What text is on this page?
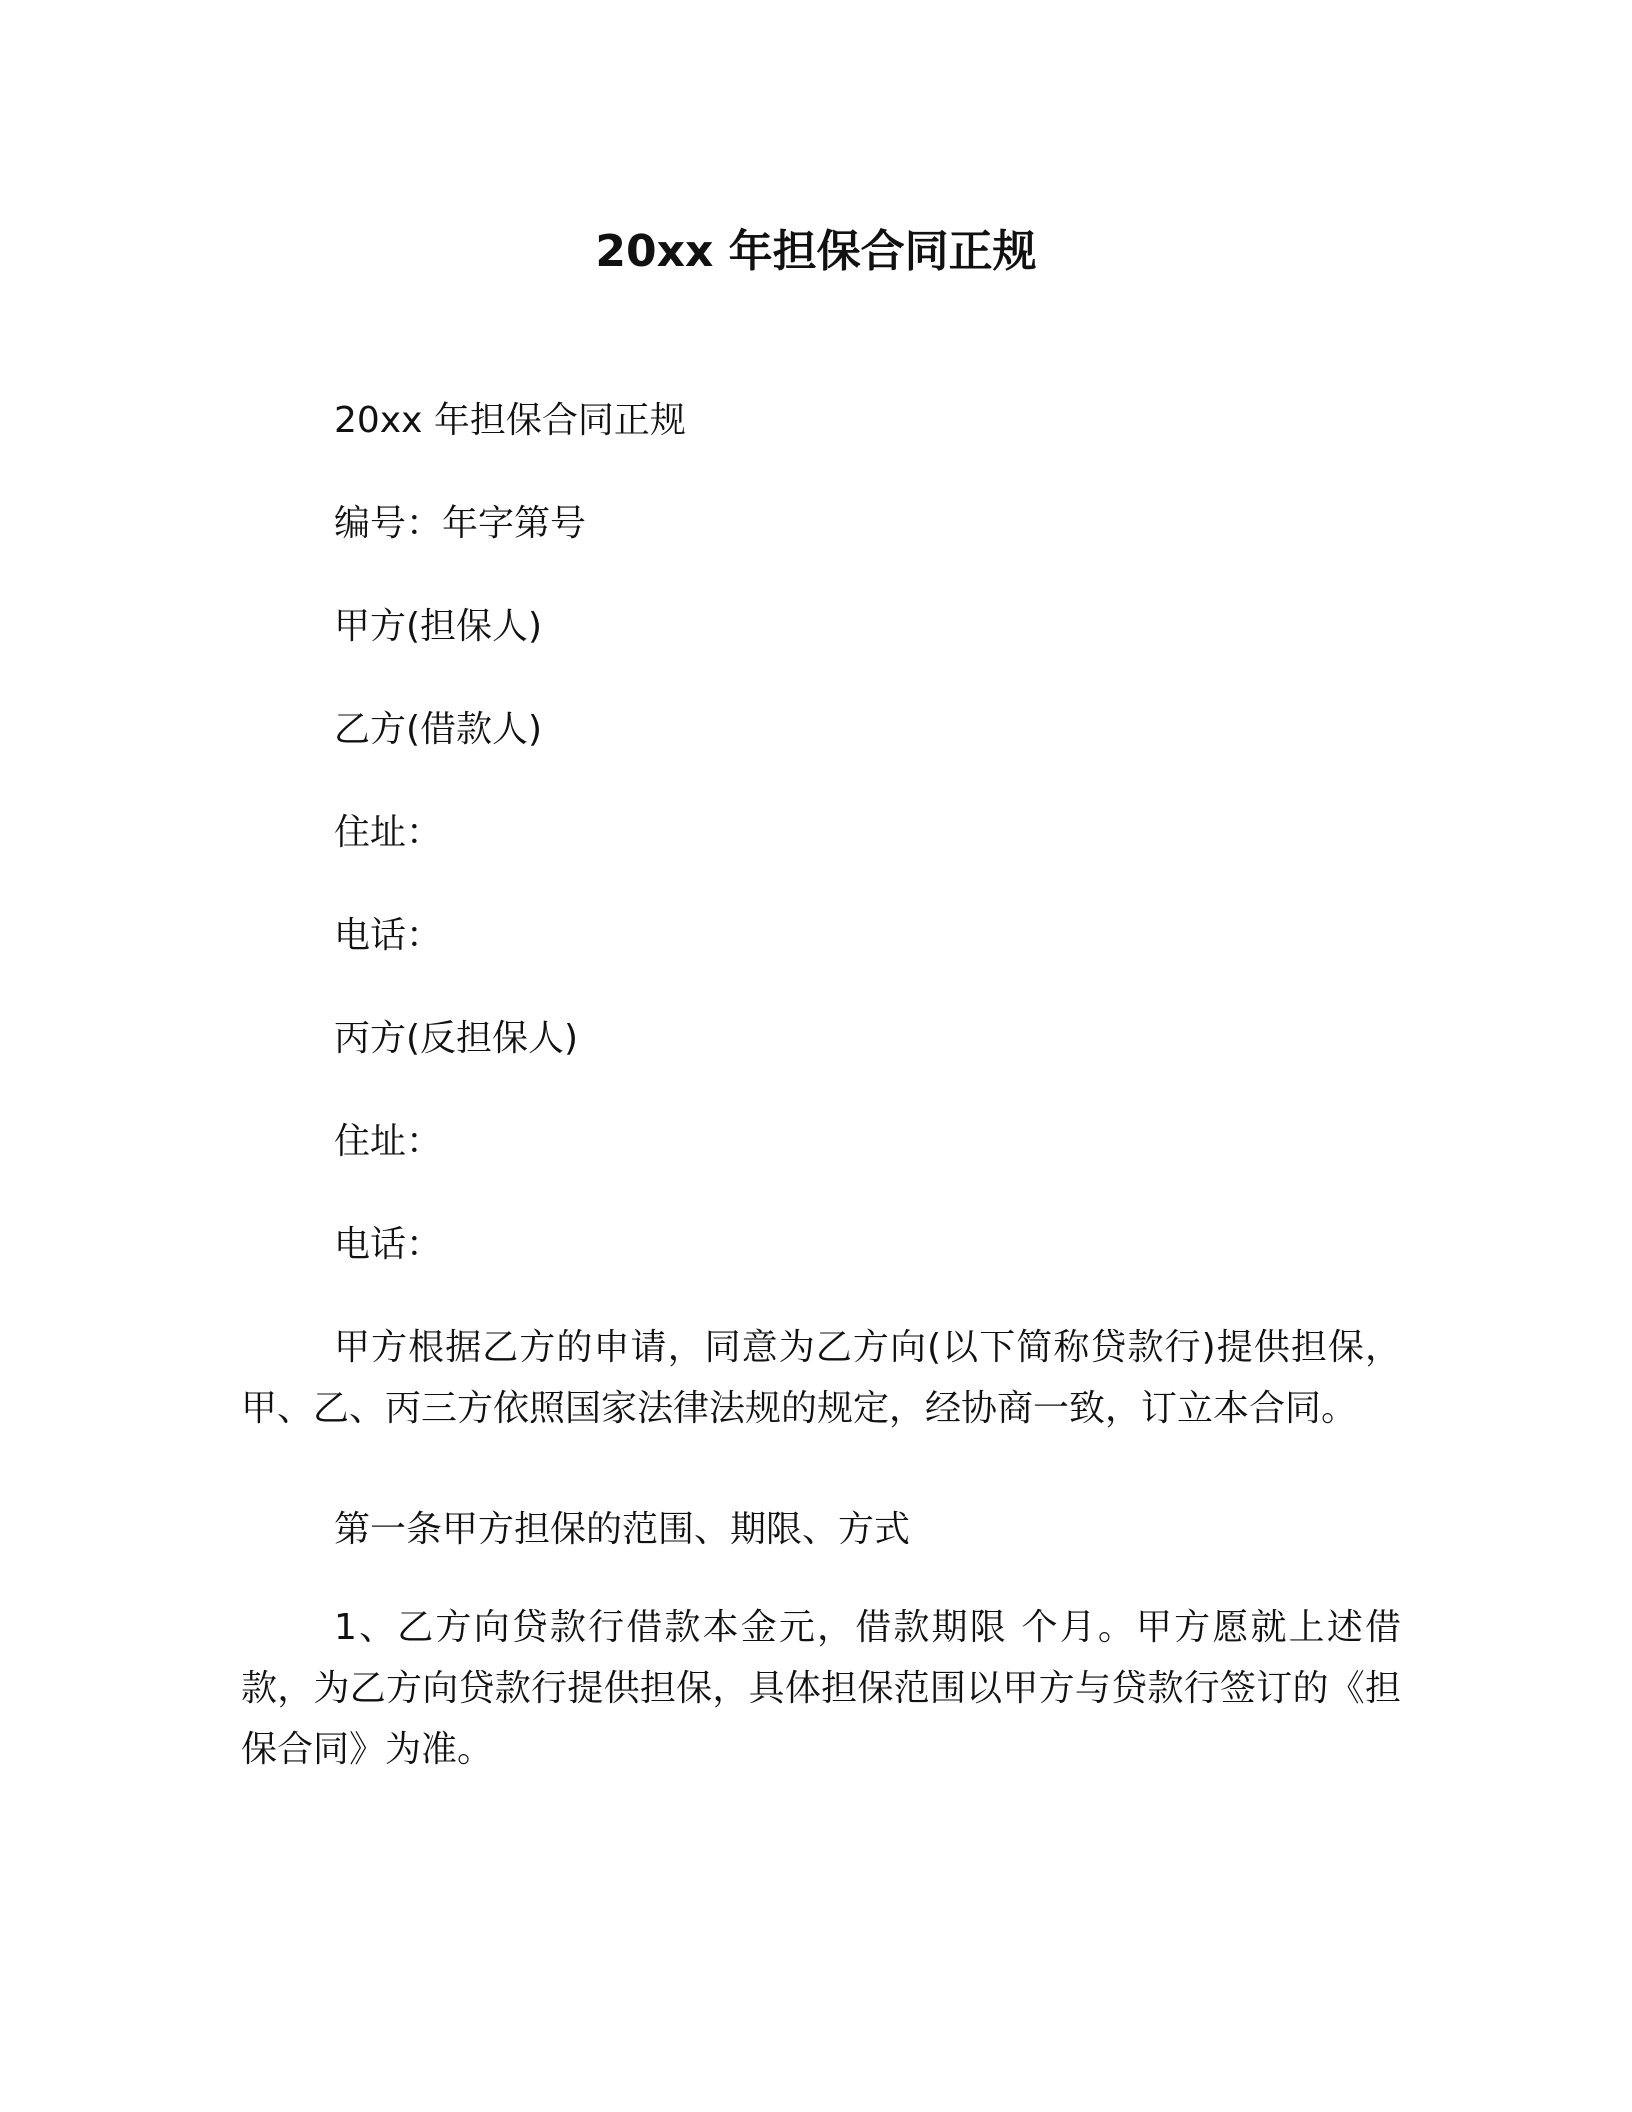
20xx 年担保合同正规
20xx 年担保合同正规
编号：年字第号
甲方(担保人)
乙方(借款人)
住址：
电话：
丙方(反担保人)
住址：
电话：
甲方根据乙方的申请，同意为乙方向(以下简称贷款行)提供担保，甲、乙、丙三方依照国家法律法规的规定，经协商一致，订立本合同。
第一条甲方担保的范围、期限、方式
1、乙方向贷款行借款本金元，借款期限 个月。甲方愿就上述借款，为乙方向贷款行提供担保，具体担保范围以甲方与贷款行签订的《担保合同》为准。
